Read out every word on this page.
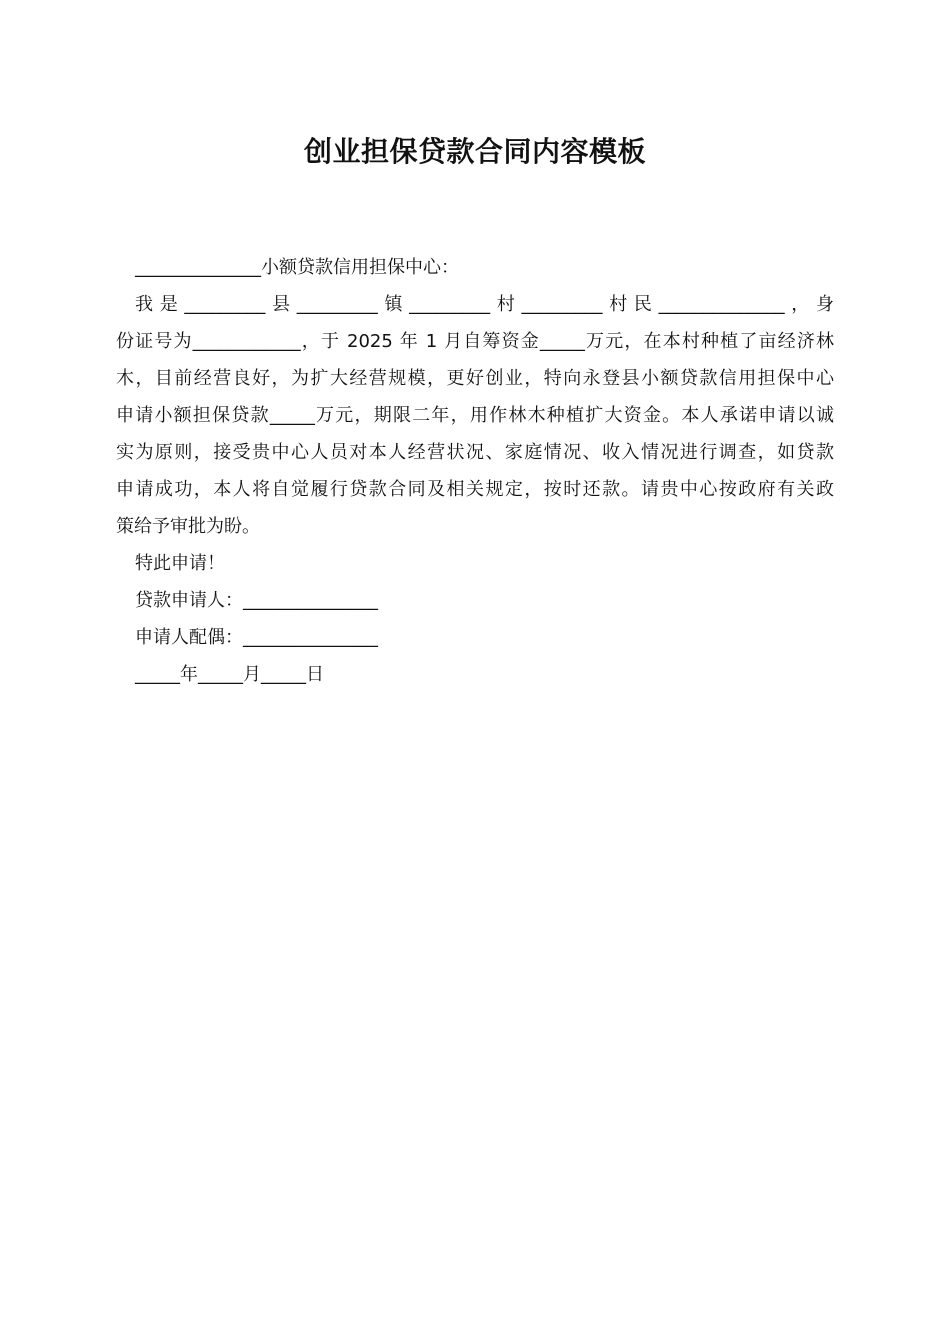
创业担保贷款合同内容模板
______________小额贷款信用担保中心：
我是_________县_________镇_________村_________村民______________，身
份证号为____________，于 2025 年 1 月自筹资金_____万元，在本村种植了亩经济林
木，目前经营良好，为扩大经营规模，更好创业，特向永登县小额贷款信用担保中心
申请小额担保贷款_____万元，期限二年，用作林木种植扩大资金。本人承诺申请以诚
实为原则，接受贵中心人员对本人经营状况、家庭情况、收入情况进行调查，如贷款
申请成功，本人将自觉履行贷款合同及相关规定，按时还款。请贵中心按政府有关政
策给予审批为盼。
特此申请！
贷款申请人：_______________
申请人配偶：_______________
_____年_____月_____日
